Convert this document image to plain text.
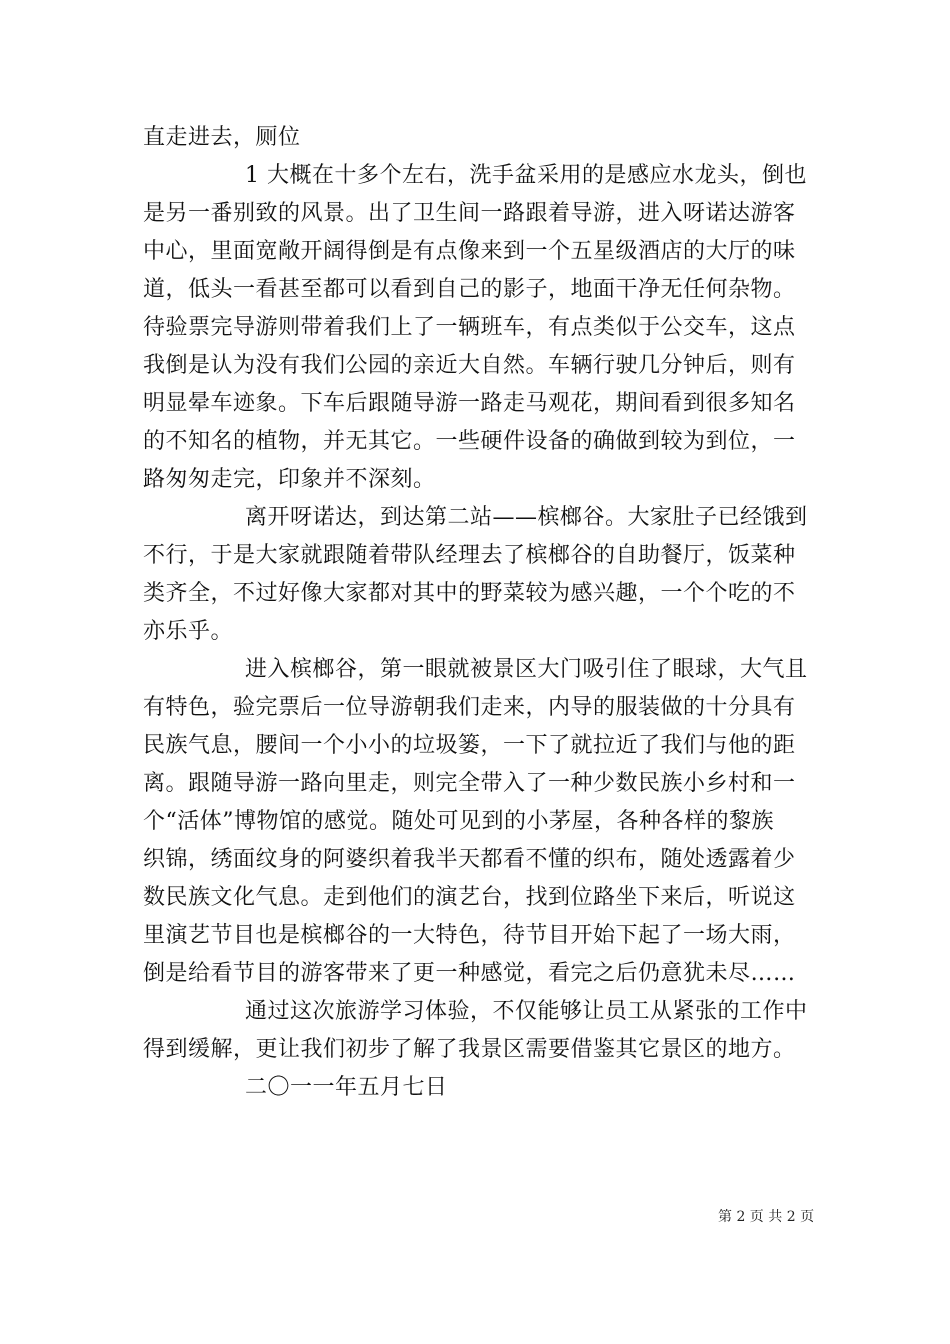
直走进去，厕位
1 大概在十多个左右，洗手盆采用的是感应水龙头，倒也
是另一番别致的风景。出了卫生间一路跟着导游，进入呀诺达游客
中心，里面宽敞开阔得倒是有点像来到一个五星级酒店的大厅的味
道，低头一看甚至都可以看到自己的影子，地面干净无任何杂物。
待验票完导游则带着我们上了一辆班车，有点类似于公交车，这点
我倒是认为没有我们公园的亲近大自然。车辆行驶几分钟后，则有
明显晕车迹象。下车后跟随导游一路走马观花，期间看到很多知名
的不知名的植物，并无其它。一些硬件设备的确做到较为到位，一
路匆匆走完，印象并不深刻。
离开呀诺达，到达第二站——槟榔谷。大家肚子已经饿到
不行，于是大家就跟随着带队经理去了槟榔谷的自助餐厅，饭菜种
类齐全，不过好像大家都对其中的野菜较为感兴趣，一个个吃的不
亦乐乎。
进入槟榔谷，第一眼就被景区大门吸引住了眼球，大气且
有特色，验完票后一位导游朝我们走来，内导的服装做的十分具有
民族气息，腰间一个小小的垃圾篓，一下了就拉近了我们与他的距
离。跟随导游一路向里走，则完全带入了一种少数民族小乡村和一
个“活体”博物馆的感觉。随处可见到的小茅屋，各种各样的黎族
织锦，绣面纹身的阿婆织着我半天都看不懂的织布，随处透露着少
数民族文化气息。走到他们的演艺台，找到位路坐下来后，听说这
里演艺节目也是槟榔谷的一大特色，待节目开始下起了一场大雨，
倒是给看节目的游客带来了更一种感觉，看完之后仍意犹未尽……
通过这次旅游学习体验，不仅能够让员工从紧张的工作中
得到缓解，更让我们初步了解了我景区需要借鉴其它景区的地方。
二〇一一年五月七日
第 2 页 共 2 页
